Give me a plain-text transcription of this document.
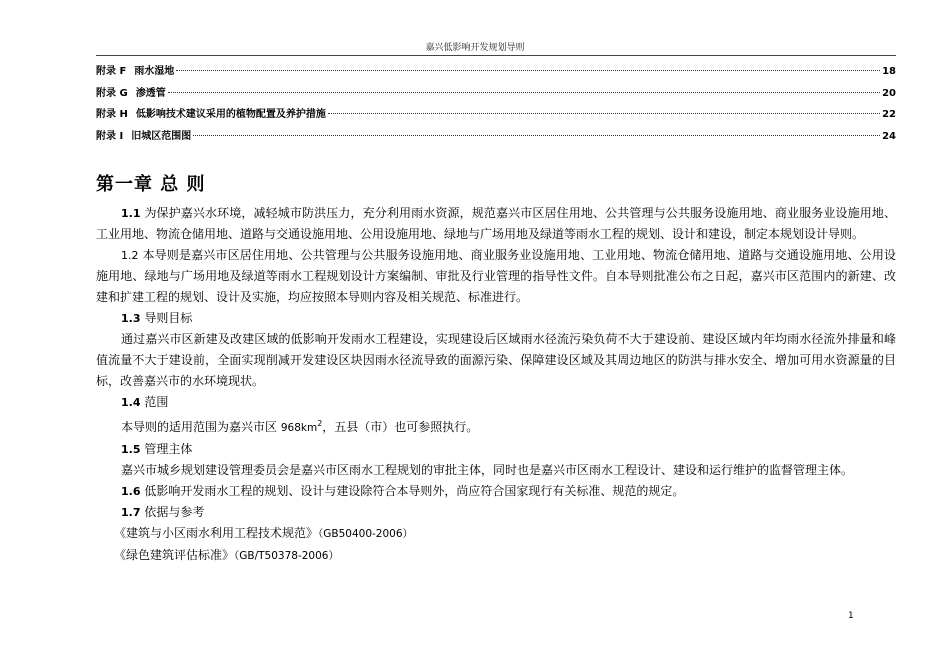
嘉兴低影响开发规划导则
附录 F 雨水湿地	18
附录 G 渗透管	20
附录 H 低影响技术建议采用的植物配置及养护措施	22
附录 I 旧城区范围图	24
第一章 总 则

1.1 为保护嘉兴水环境，减轻城市防洪压力，充分利用雨水资源，规范嘉兴市区居住用地、公共管理与公共服务设施用地、商业服务业设施用地、工业用地、物流仓储用地、道路与交通设施用地、公用设施用地、绿地与广场用地及绿道等雨水工程的规划、设计和建设，制定本规划设计导则。

1.2 本导则是嘉兴市区居住用地、公共管理与公共服务设施用地、商业服务业设施用地、工业用地、物流仓储用地、道路与交通设施用地、公用设施用地、绿地与广场用地及绿道等雨水工程规划设计方案编制、审批及行业管理的指导性文件。自本导则批准公布之日起，嘉兴市区范围内的新建、改建和扩建工程的规划、设计及实施，均应按照本导则内容及相关规范、标准进行。

1.3 导则目标

通过嘉兴市区新建及改建区域的低影响开发雨水工程建设，实现建设后区域雨水径流污染负荷不大于建设前、建设区域内年均雨水径流外排量和峰值流量不大于建设前，全面实现削减开发建设区块因雨水径流导致的面源污染、保障建设区域及其周边地区的防洪与排水安全、增加可用水资源量的目标，改善嘉兴市的水环境现状。

1.4 范围

本导则的适用范围为嘉兴市区 $968km^2$，五县（市）也可参照执行。

1.5 管理主体

嘉兴市城乡规划建设管理委员会是嘉兴市区雨水工程规划的审批主体，同时也是嘉兴市区雨水工程设计、建设和运行维护的监督管理主体。

1.6 低影响开发雨水工程的规划、设计与建设除符合本导则外，尚应符合国家现行有关标准、规范的规定。

1.7 依据与参考

《建筑与小区雨水利用工程技术规范》（GB50400-2006）

《绿色建筑评估标准》（GB/T50378-2006）

1
